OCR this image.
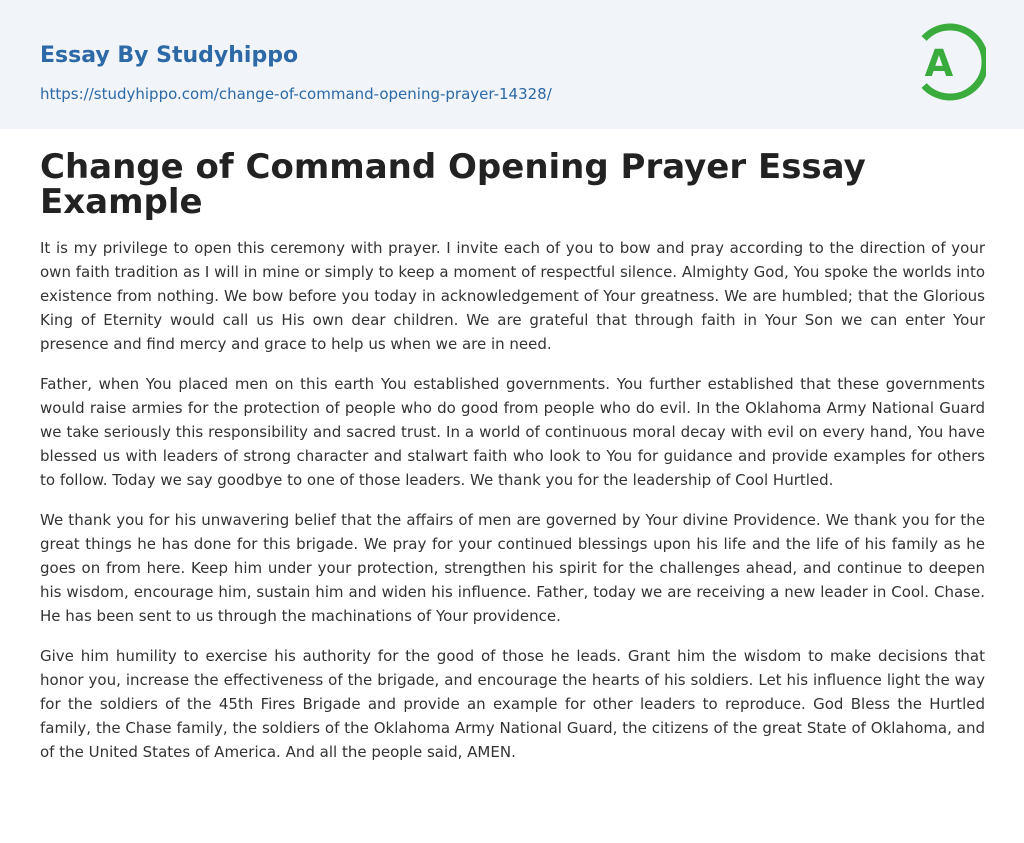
Essay By Studyhippo
https://studyhippo.com/change-of-command-opening-prayer-14328/
A
Change of Command Opening Prayer Essay Example

It is my privilege to open this ceremony with prayer. I invite each of you to bow and pray according to the direction of your own faith tradition as I will in mine or simply to keep a moment of respectful silence. Almighty God, You spoke the worlds into existence from nothing. We bow before you today in acknowledgement of Your greatness. We are humbled; that the Glorious King of Eternity would call us His own dear children. We are grateful that through faith in Your Son we can enter Your presence and find mercy and grace to help us when we are in need.

Father, when You placed men on this earth You established governments. You further established that these governments would raise armies for the protection of people who do good from people who do evil. In the Oklahoma Army National Guard we take seriously this responsibility and sacred trust. In a world of continuous moral decay with evil on every hand, You have blessed us with leaders of strong character and stalwart faith who look to You for guidance and provide examples for others to follow. Today we say goodbye to one of those leaders. We thank you for the leadership of Cool Hurtled.

We thank you for his unwavering belief that the affairs of men are governed by Your divine Providence. We thank you for the great things he has done for this brigade. We pray for your continued blessings upon his life and the life of his family as he goes on from here. Keep him under your protection, strengthen his spirit for the challenges ahead, and continue to deepen his wisdom, encourage him, sustain him and widen his influence. Father, today we are receiving a new leader in Cool. Chase. He has been sent to us through the machinations of Your providence.

Give him humility to exercise his authority for the good of those he leads. Grant him the wisdom to make decisions that honor you, increase the effectiveness of the brigade, and encourage the hearts of his soldiers. Let his influence light the way for the soldiers of the 45th Fires Brigade and provide an example for other leaders to reproduce. God Bless the Hurtled family, the Chase family, the soldiers of the Oklahoma Army National Guard, the citizens of the great State of Oklahoma, and of the United States of America. And all the people said, AMEN.
